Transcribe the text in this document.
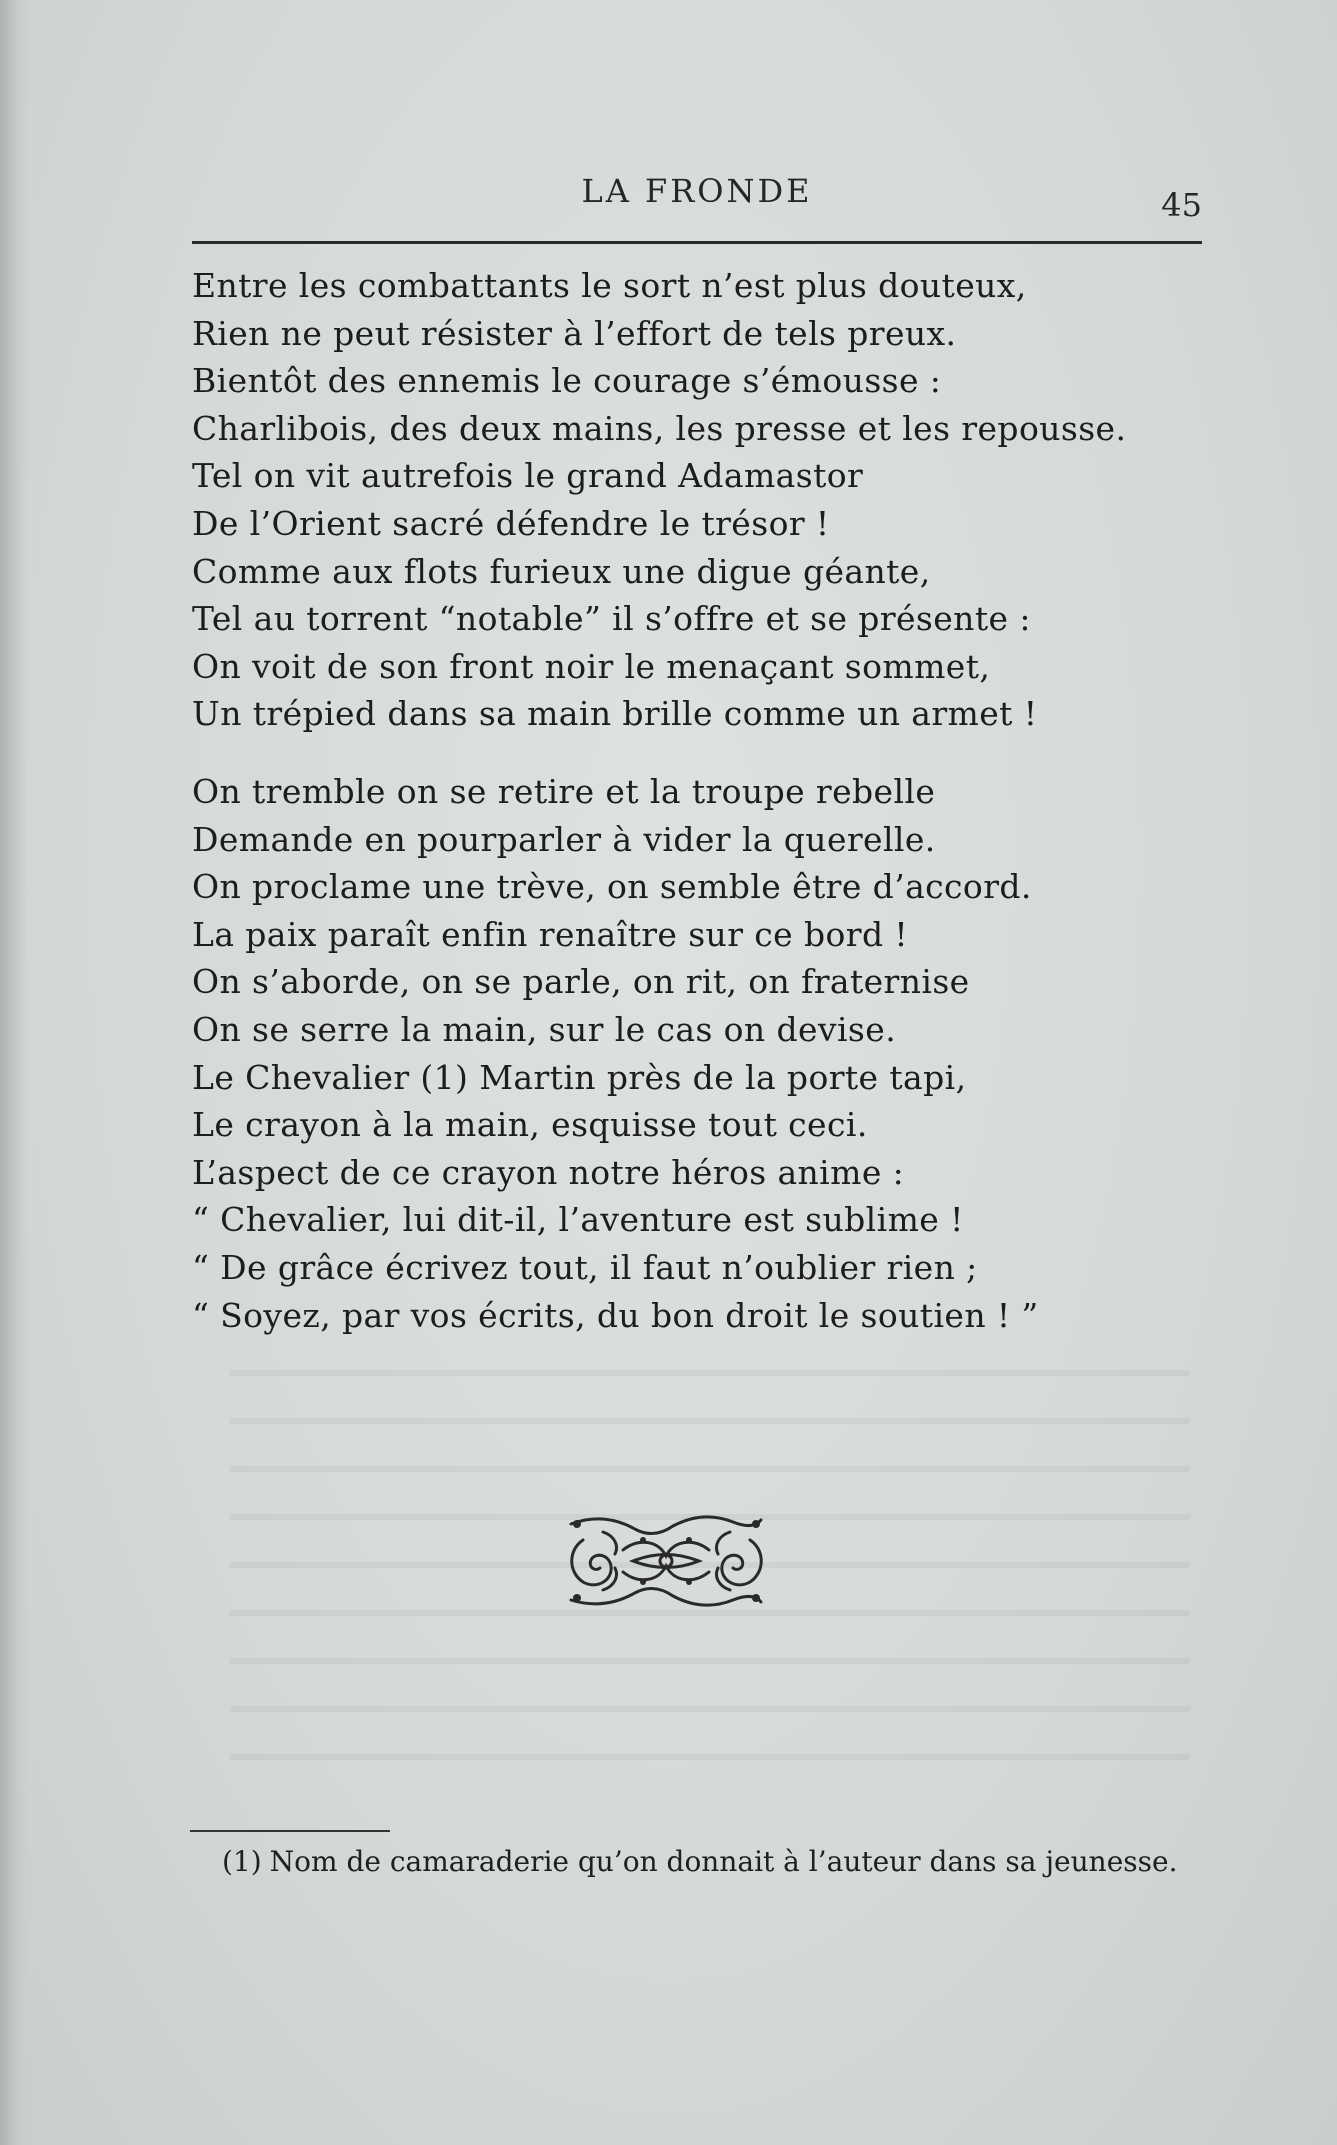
LA FRONDE	45
Entre les combattants le sort n’est plus douteux,
Rien ne peut résister à l’effort de tels preux.
Bientôt des ennemis le courage s’émousse :
Charlibois, des deux mains, les presse et les repousse.
Tel on vit autrefois le grand Adamastor
De l’Orient sacré défendre le trésor !
Comme aux flots furieux une digue géante,
Tel au torrent “notable” il s’offre et se présente :
On voit de son front noir le menaçant sommet,
Un trépied dans sa main brille comme un armet !
On tremble on se retire et la troupe rebelle
Demande en pourparler à vider la querelle.
On proclame une trève, on semble être d’accord.
La paix paraît enfin renaître sur ce bord !
On s’aborde, on se parle, on rit, on fraternise
On se serre la main, sur le cas on devise.
Le Chevalier (1) Martin près de la porte tapi,
Le crayon à la main, esquisse tout ceci.
L’aspect de ce crayon notre héros anime :
“ Chevalier, lui dit-il, l’aventure est sublime !
“ De grâce écrivez tout, il faut n’oublier rien ;
“ Soyez, par vos écrits, du bon droit le soutien ! ”

(1) Nom de camaraderie qu’on donnait à l’auteur dans sa jeunesse.
